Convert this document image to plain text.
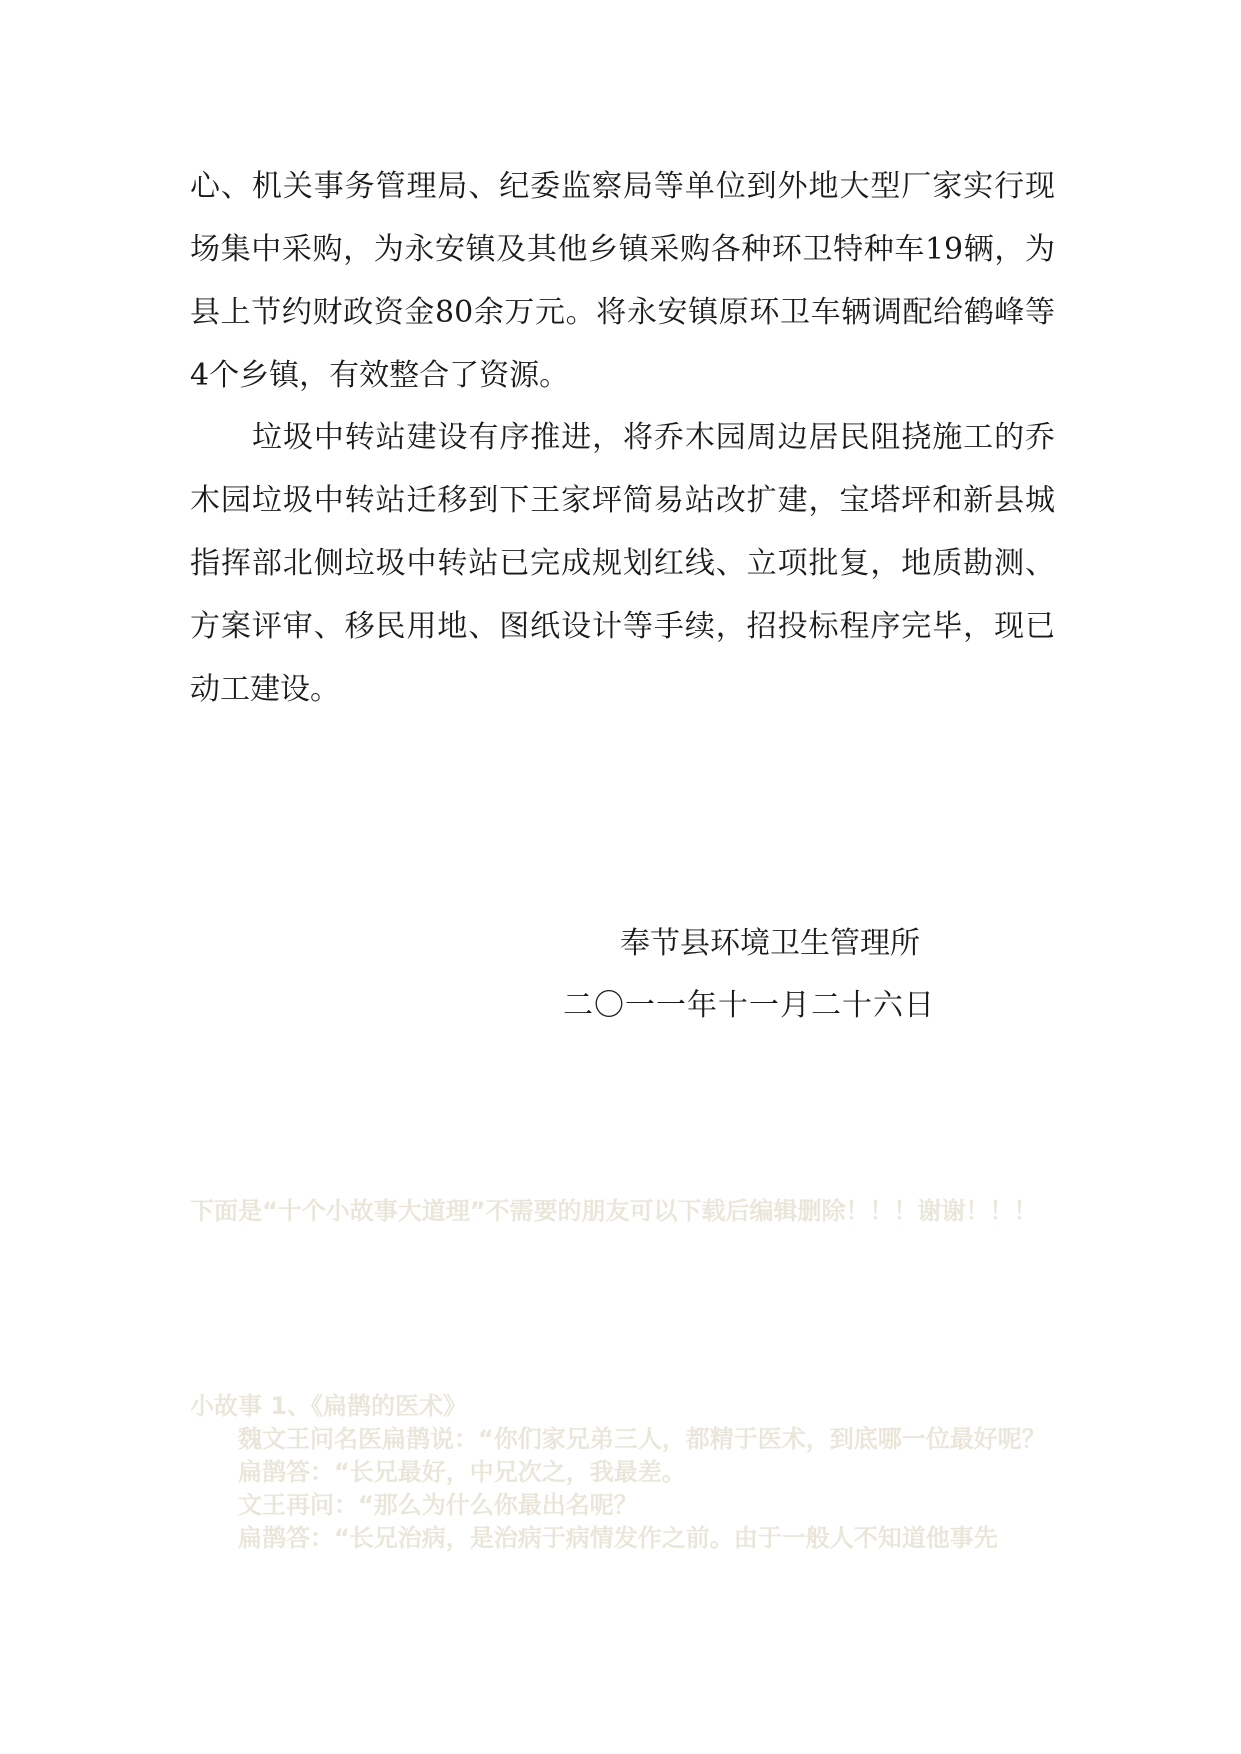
心、机关事务管理局、纪委监察局等单位到外地大型厂家实行现场集中采购，为永安镇及其他乡镇采购各种环卫特种车19辆，为县上节约财政资金80余万元。将永安镇原环卫车辆调配给鹤峰等4个乡镇，有效整合了资源。

垃圾中转站建设有序推进，将乔木园周边居民阻挠施工的乔木园垃圾中转站迁移到下王家坪简易站改扩建，宝塔坪和新县城指挥部北侧垃圾中转站已完成规划红线、立项批复，地质勘测、方案评审、移民用地、图纸设计等手续，招投标程序完毕，现已动工建设。

奉节县环境卫生管理所

二〇一一年十一月二十六日

下面是“十个小故事大道理”不需要的朋友可以下载后编辑删除！！！谢谢！！！

小故事 1、《扁鹊的医术》
魏文王问名医扁鹊说：“你们家兄弟三人，都精于医术，到底哪一位最好呢？
扁鹊答：“长兄最好，中兄次之，我最差。
文王再问：“那么为什么你最出名呢？
扁鹊答：“长兄治病，是治病于病情发作之前。由于一般人不知道他事先
